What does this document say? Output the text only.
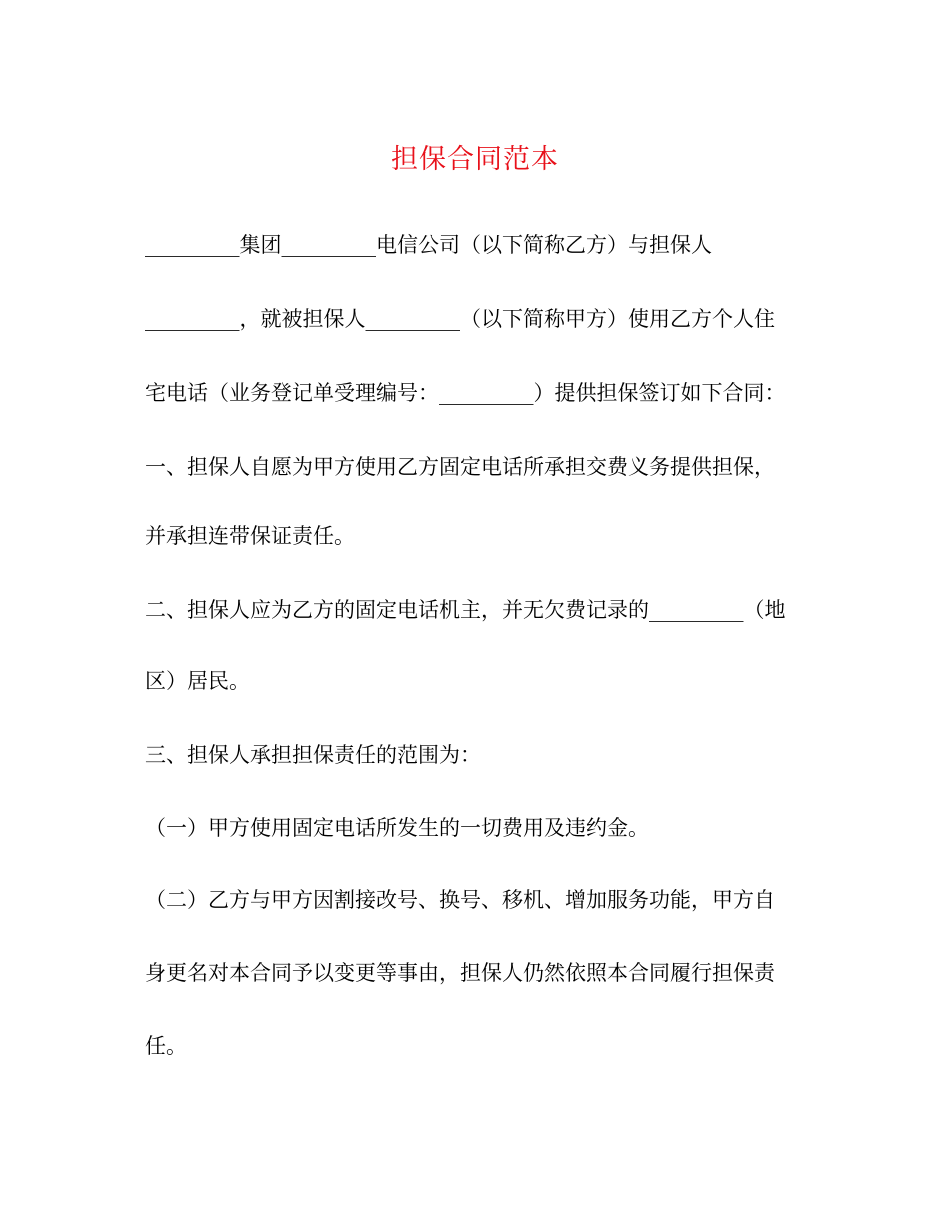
担保合同范本
_________集团_________电信公司（以下简称乙方）与担保人
_________，就被担保人_________（以下简称甲方）使用乙方个人住
宅电话（业务登记单受理编号：_________）提供担保签订如下合同：
一、担保人自愿为甲方使用乙方固定电话所承担交费义务提供担保，
并承担连带保证责任。
二、担保人应为乙方的固定电话机主，并无欠费记录的_________（地
区）居民。
三、担保人承担担保责任的范围为：
（一）甲方使用固定电话所发生的一切费用及违约金。
（二）乙方与甲方因割接改号、换号、移机、增加服务功能，甲方自
身更名对本合同予以变更等事由，担保人仍然依照本合同履行担保责
任。
